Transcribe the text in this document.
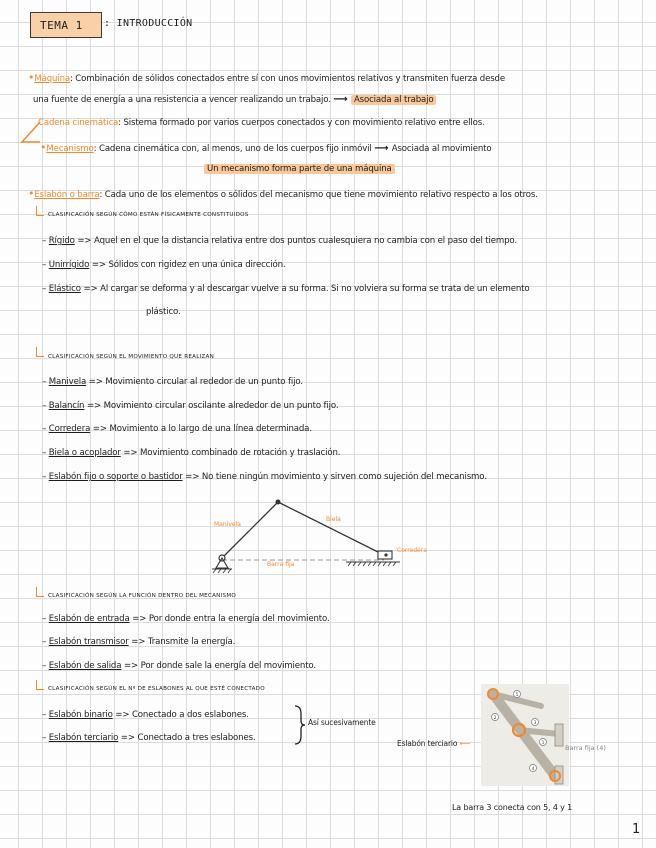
TEMA 1 : INTRODUCCIÓN
•Máquina: Combinación de sólidos conectados entre sí con unos movimientos relativos y transmiten fuerza desde
una fuente de energía a una resistencia a vencer realizando un trabajo. ⟶ Asociada al trabajo
Cadena cinemática: Sistema formado por varios cuerpos conectados y con movimiento relativo entre ellos.
•Mecanismo: Cadena cinemática con, al menos, uno de los cuerpos fijo inmóvil ⟶ Asociada al movimiento
Un mecanismo forma parte de una máquina
•Eslabón o barra: Cada uno de los elementos o sólidos del mecanismo que tiene movimiento relativo respecto a los otros.
CLASIFICACIÓN SEGÚN CÓMO ESTÁN FÍSICAMENTE CONSTITUIDOS
– Rígido => Aquel en el que la distancia relativa entre dos puntos cualesquiera no cambia con el paso del tiempo.
– Unirrígido => Sólidos con rigidez en una única dirección.
– Elástico => Al cargar se deforma y al descargar vuelve a su forma. Si no volviera su forma se trata de un elemento
plástico.
CLASIFICACIÓN SEGÚN EL MOVIMIENTO QUE REALIZAN
– Manivela => Movimiento circular al rededor de un punto fijo.
– Balancín => Movimiento circular oscilante alrededor de un punto fijo.
– Corredera => Movimiento a lo largo de una línea determinada.
– Biela o acoplador => Movimiento combinado de rotación y traslación.
– Eslabón fijo o soporte o bastidor => No tiene ningún movimiento y sirven como sujeción del mecanismo.
Manivela
Biela
Corredera
Barra fija
CLASIFICACIÓN SEGÚN LA FUNCIÓN DENTRO DEL MECANISMO
– Eslabón de entrada => Por donde entra la energía del movimiento.
– Eslabón transmisor => Transmite la energía.
– Eslabón de salida => Por donde sale la energía del movimiento.
CLASIFICACIÓN SEGÚN EL Nº DE ESLABONES AL QUE ESTÉ CONECTADO
– Eslabón binario => Conectado a dos eslabones.
– Eslabón terciario => Conectado a tres eslabones.
Así sucesivamente
5
2
3
1
4
Eslabón terciario ⟵	Barra fija (4)
La barra 3 conecta con 5, 4 y 1
1
